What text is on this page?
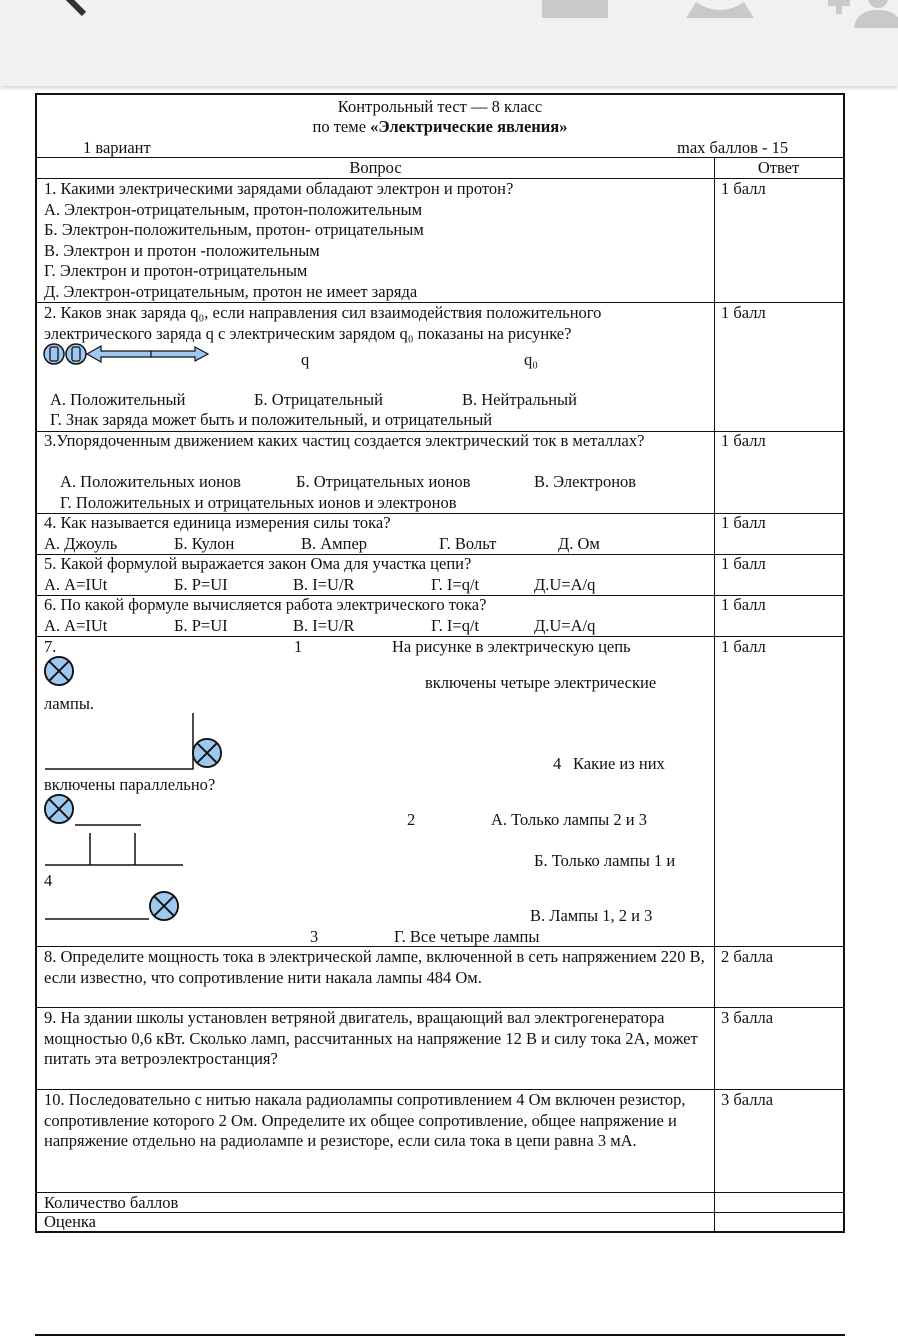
Контрольный тест — 8 класс
по теме «Электрические явления»
1 вариант	max баллов - 15
Вопрос	Ответ
1. Какими электрическими зарядами обладают электрон и протон?
А. Электрон-отрицательным, протон-положительным
Б. Электрон-положительным, протон- отрицательным
В. Электрон и протон -положительным
Г. Электрон и протон-отрицательным
Д. Электрон-отрицательным, протон не имеет заряда
1 балл
2. Каков знак заряда q₀, если направления сил взаимодействия положительного электрического заряда q с электрическим зарядом q₀ показаны на рисунке?
q	q₀
А. Положительный	Б. Отрицательный	В. Нейтральный
Г. Знак заряда может быть и положительный, и отрицательный
1 балл
3.Упорядоченным движением каких частиц создается электрический ток в металлах?
А. Положительных ионов	Б. Отрицательных ионов	В. Электронов
Г. Положительных и отрицательных ионов и электронов
1 балл
4. Как называется единица измерения силы тока?
А. Джоуль	Б. Кулон	В. Ампер	Г. Вольт	Д. Ом
1 балл
5. Какой формулой выражается закон Ома для участка цепи?
А. А=IUt	Б. P=UI	В. I=U/R	Г. I=q/t	Д.U=A/q
1 балл
6. По какой формуле вычисляется работа электрического тока?
А. А=IUt	Б. P=UI	В. I=U/R	Г. I=q/t	Д.U=A/q
1 балл
7.	1	На рисунке в электрическую цепь
включены четыре электрические
лампы.
4 Какие из них
включены параллельно?
2	А. Только лампы 2 и 3
Б. Только лампы 1 и
4
В. Лампы 1, 2 и 3
3	Г. Все четыре лампы
1 балл
8. Определите мощность тока в электрической лампе, включенной в сеть напряжением 220 В, если известно, что сопротивление нити накала лампы 484 Ом.
2 балла
9. На здании школы установлен ветряной двигатель, вращающий вал электрогенератора мощностью 0,6 кВт. Сколько ламп, рассчитанных на напряжение 12 В и силу тока 2А, может питать эта ветроэлектростанция?
3 балла
10. Последовательно с нитью накала радиолампы сопротивлением 4 Ом включен резистор, сопротивление которого 2 Ом. Определите их общее сопротивление, общее напряжение и напряжение отдельно на радиолампе и резисторе, если сила тока в цепи равна 3 мА.
3 балла
Количество баллов
Оценка
